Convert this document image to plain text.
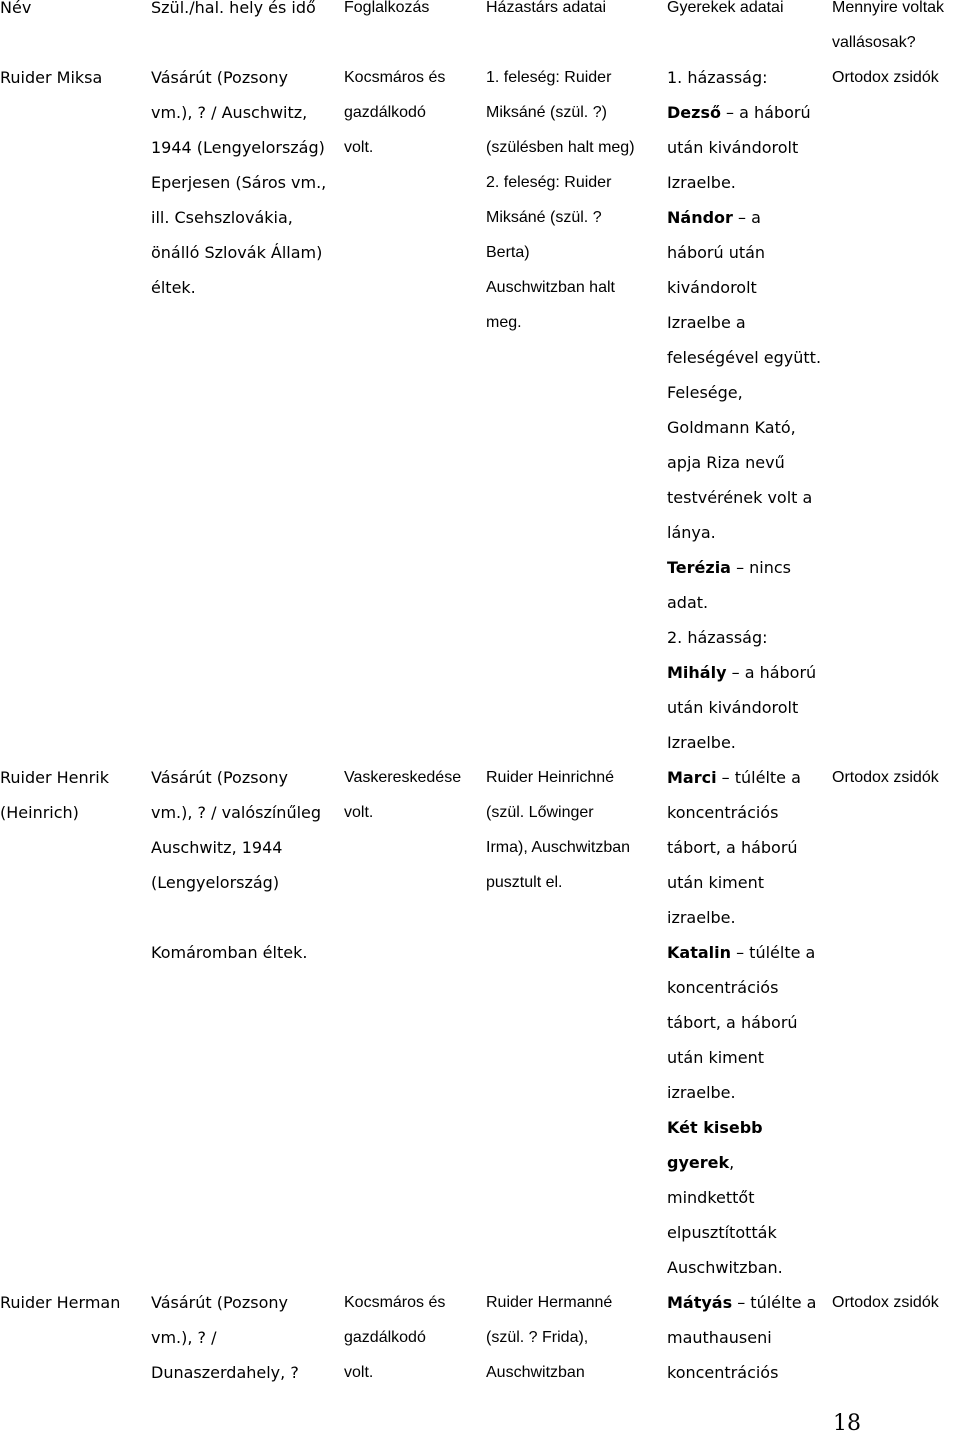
Név
Ruider Miksa
Ruider Henrik
(Heinrich)
Ruider Herman
Szül./hal. hely és idő
Vásárút (Pozsony
vm.), ? / Auschwitz,
1944 (Lengyelország)
Eperjesen (Sáros vm.,
ill. Csehszlovákia,
önálló Szlovák Állam)
éltek.
Vásárút (Pozsony
vm.), ? / valószínűleg
Auschwitz, 1944
(Lengyelország)
Komáromban éltek.
Vásárút (Pozsony
vm.), ? /
Dunaszerdahely, ?
Foglalkozás
Kocsmáros és
gazdálkodó
volt.
Vaskereskedése
volt.
Kocsmáros és
gazdálkodó
volt.
Házastárs adatai
1. feleség: Ruider
Miksáné (szül. ?)
(szülésben halt meg)
2. feleség: Ruider
Miksáné (szül. ?
Berta)
Auschwitzban halt
meg.
Ruider Heinrichné
(szül. Lőwinger
Irma), Auschwitzban
pusztult el.
Ruider Hermanné
(szül. ? Frida),
Auschwitzban
Gyerekek adatai
1. házasság:
Dezső – a háború
után kivándorolt
Izraelbe.
Nándor – a
háború után
kivándorolt
Izraelbe a
feleségével együtt.
Felesége,
Goldmann Kató,
apja Riza nevű
testvérének volt a
lánya.
Terézia – nincs
adat.
2. házasság:
Mihály – a háború
után kivándorolt
Izraelbe.
Marci – túlélte a
koncentrációs
tábort, a háború
után kiment
izraelbe.
Katalin – túlélte a
koncentrációs
tábort, a háború
után kiment
izraelbe.
Két kisebb
gyerek,
mindkettőt
elpusztították
Auschwitzban.
Mátyás – túlélte a
mauthauseni
koncentrációs
Mennyire voltak
vallásosak?
Ortodox zsidók
Ortodox zsidók
Ortodox zsidók
18
